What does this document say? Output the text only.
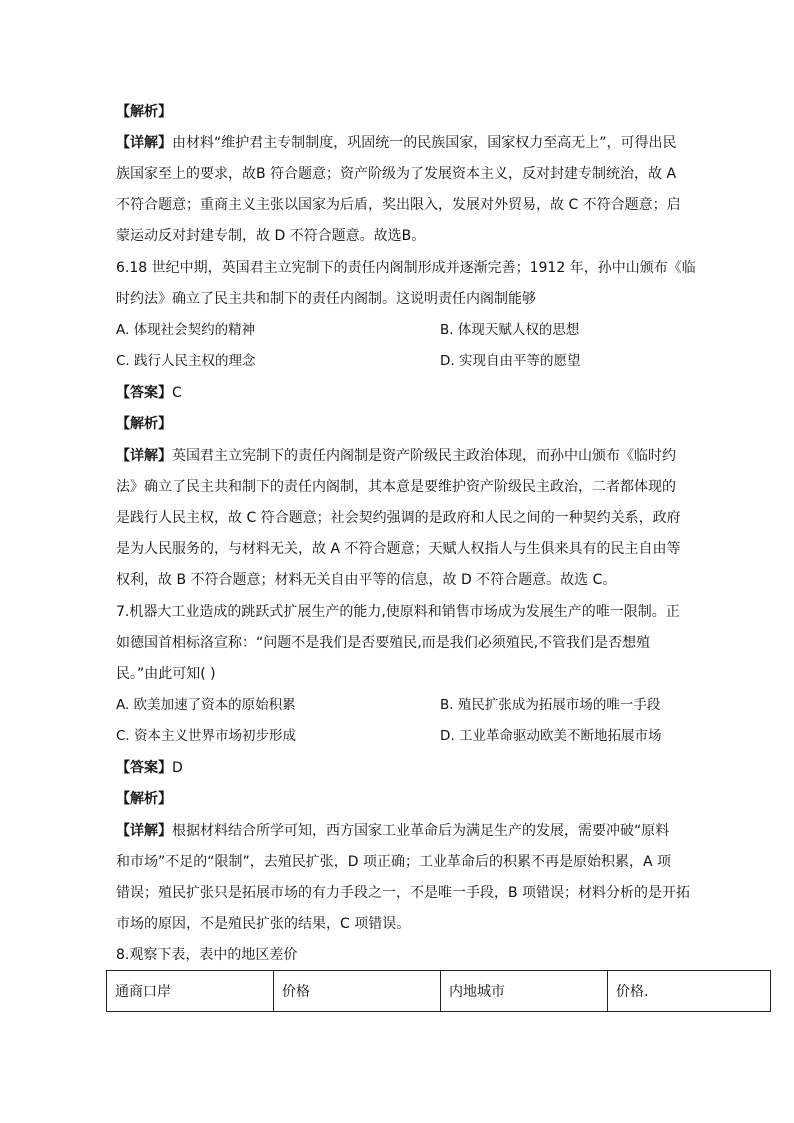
【解析】
【详解】由材料“维护君主专制制度，巩固统一的民族国家，国家权力至高无上”，可得出民
族国家至上的要求，故B 符合题意；资产阶级为了发展资本主义，反对封建专制统治，故 A
不符合题意；重商主义主张以国家为后盾，奖出限入，发展对外贸易，故 C 不符合题意；启
蒙运动反对封建专制，故 D 不符合题意。故选B。
6.18 世纪中期，英国君主立宪制下的责任内阁制形成并逐渐完善；1912 年，孙中山颁布《临
时约法》确立了民主共和制下的责任内阁制。这说明责任内阁制能够
A. 体现社会契约的精神	B. 体现天赋人权的思想
C. 践行人民主权的理念	D. 实现自由平等的愿望
【答案】C
【解析】
【详解】英国君主立宪制下的责任内阁制是资产阶级民主政治体现，而孙中山颁布《临时约
法》确立了民主共和制下的责任内阁制，其本意是要维护资产阶级民主政治，二者都体现的
是践行人民主权，故 C 符合题意；社会契约强调的是政府和人民之间的一种契约关系，政府
是为人民服务的，与材料无关，故 A 不符合题意；天赋人权指人与生俱来具有的民主自由等
权利，故 B 不符合题意；材料无关自由平等的信息，故 D 不符合题意。故选 C。
7.机器大工业造成的跳跃式扩展生产的能力,使原料和销售市场成为发展生产的唯一限制。正
如德国首相标洛宣称：“问题不是我们是否要殖民,而是我们必须殖民,不管我们是否想殖
民。”由此可知( )
A. 欧美加速了资本的原始积累	B. 殖民扩张成为拓展市场的唯一手段
C. 资本主义世界市场初步形成	D. 工业革命驱动欧美不断地拓展市场
【答案】D
【解析】
【详解】根据材料结合所学可知，西方国家工业革命后为满足生产的发展，需要冲破“原料
和市场”不足的“限制”，去殖民扩张，D 项正确；工业革命后的积累不再是原始积累，A 项
错误；殖民扩张只是拓展市场的有力手段之一，不是唯一手段，B 项错误；材料分析的是开拓
市场的原因，不是殖民扩张的结果，C 项错误。
8.观察下表，表中的地区差价
通商口岸	价格	内地城市	价格.
